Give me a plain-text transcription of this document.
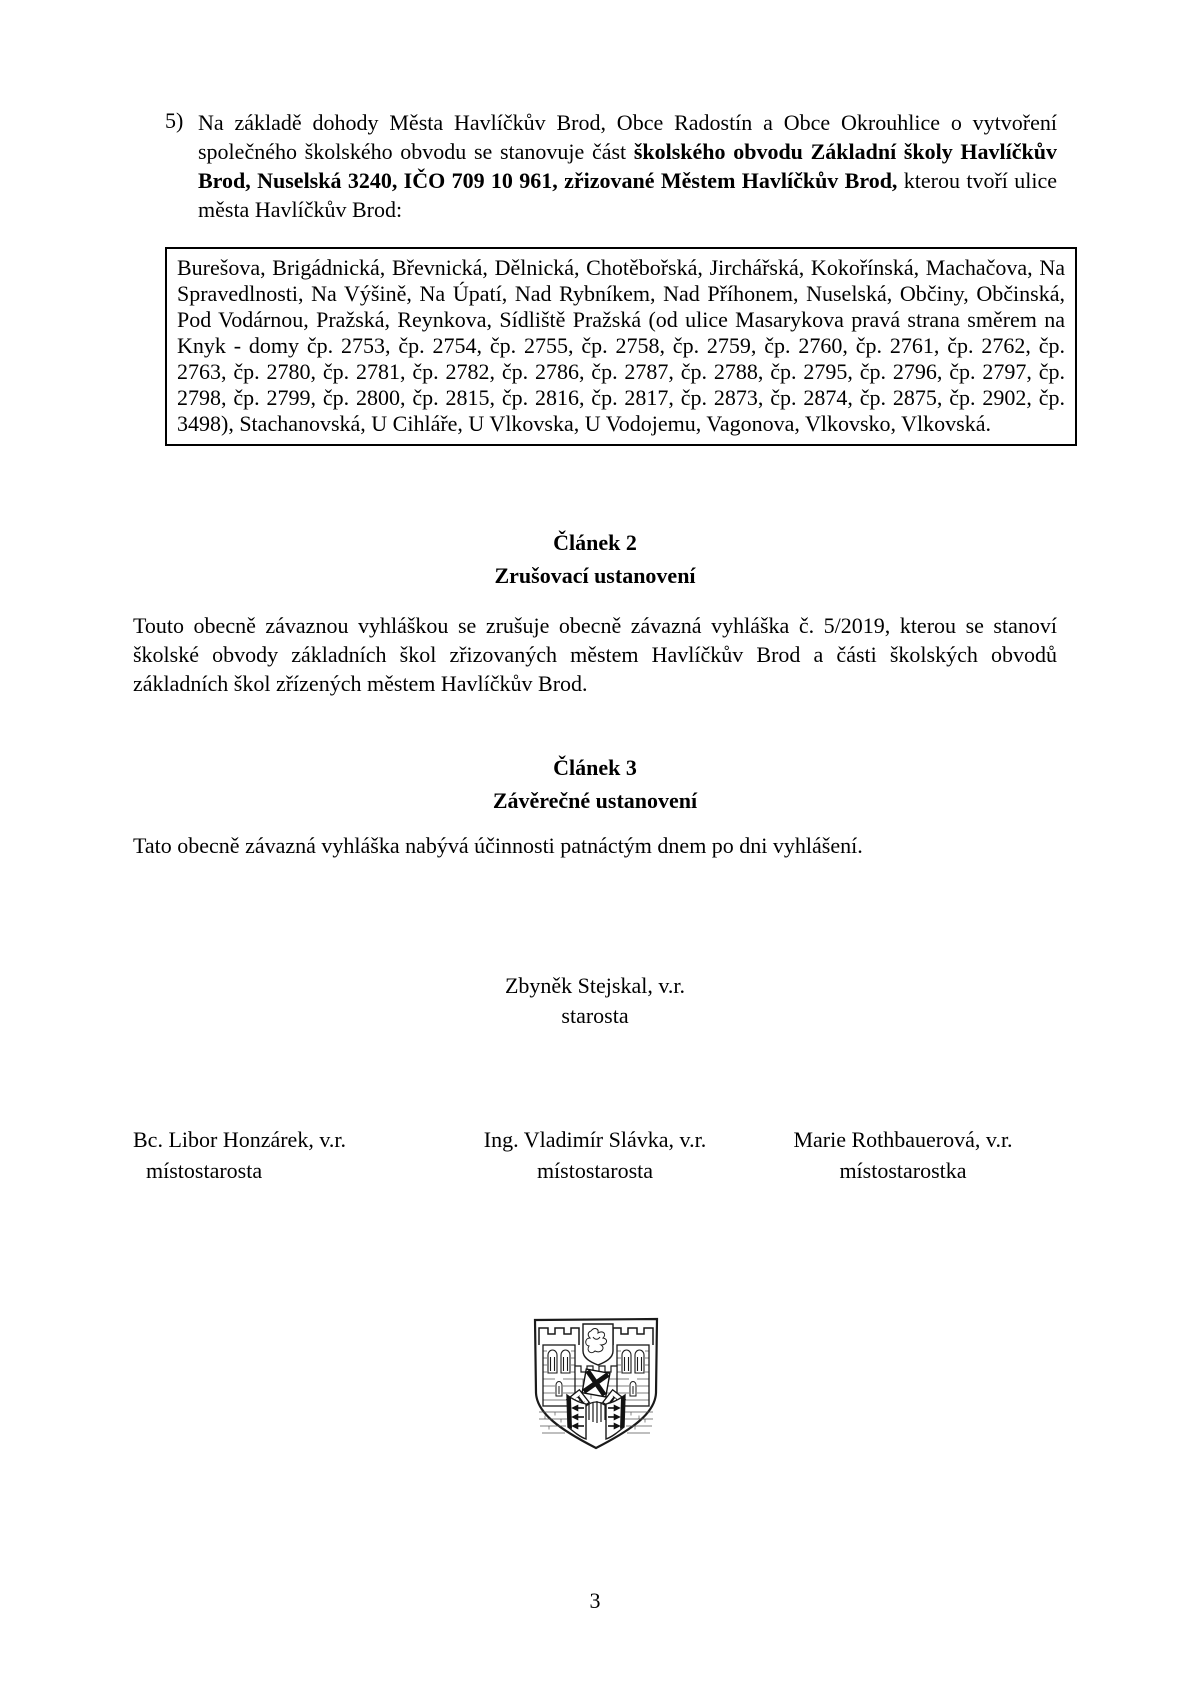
5) Na základě dohody Města Havlíčkův Brod, Obce Radostín a Obce Okrouhlice o vytvoření společného školského obvodu se stanovuje část školského obvodu Základní školy Havlíčkův Brod, Nuselská 3240, IČO 709 10 961, zřizované Městem Havlíčkův Brod, kterou tvoří ulice města Havlíčkův Brod:
Burešova, Brigádnická, Břevnická, Dělnická, Chotěbořská, Jirchářská, Kokořínská, Machačova, Na Spravedlnosti, Na Výšině, Na Úpatí, Nad Rybníkem, Nad Příhonem, Nuselská, Občiny, Občinská, Pod Vodárnou, Pražská, Reynkova, Sídliště Pražská (od ulice Masarykova pravá strana směrem na Knyk - domy čp. 2753, čp. 2754, čp. 2755, čp. 2758, čp. 2759, čp. 2760, čp. 2761, čp. 2762, čp. 2763, čp. 2780, čp. 2781, čp. 2782, čp. 2786, čp. 2787, čp. 2788, čp. 2795, čp. 2796, čp. 2797, čp. 2798, čp. 2799, čp. 2800, čp. 2815, čp. 2816, čp. 2817, čp. 2873, čp. 2874, čp. 2875, čp. 2902, čp. 3498), Stachanovská, U Cihláře, U Vlkovska, U Vodojemu, Vagonova, Vlkovsko, Vlkovská.
Článek 2
Zrušovací ustanovení
Touto obecně závaznou vyhláškou se zrušuje obecně závazná vyhláška č. 5/2019, kterou se stanoví školské obvody základních škol zřizovaných městem Havlíčkův Brod a části školských obvodů základních škol zřízených městem Havlíčkův Brod.
Článek 3
Závěrečné ustanovení
Tato obecně závazná vyhláška nabývá účinnosti patnáctým dnem po dni vyhlášení.
Zbyněk Stejskal, v.r.
starosta
Bc. Libor Honzárek, v.r.
místostarosta
Ing. Vladimír Slávka, v.r.
místostarosta
Marie Rothbauerová, v.r.
místostarostka
3
